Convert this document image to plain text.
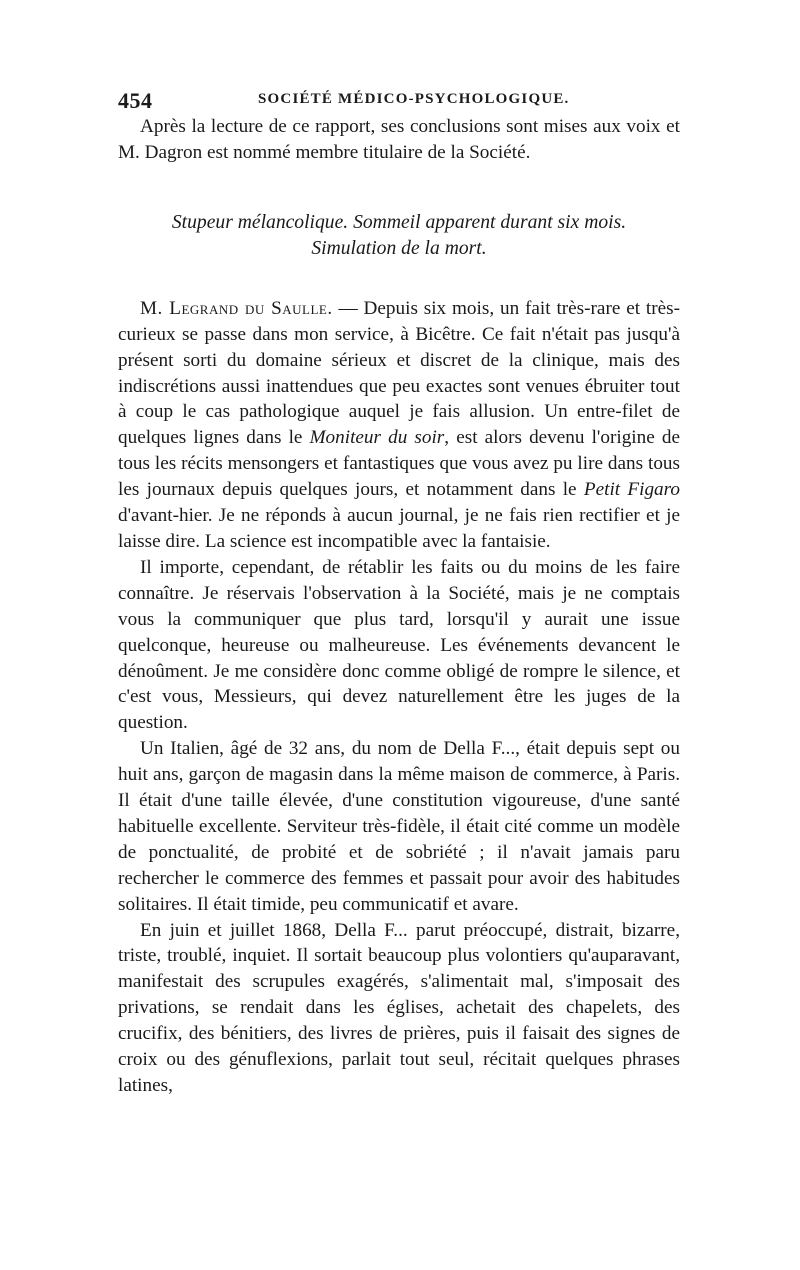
454	SOCIÉTÉ MÉDICO-PSYCHOLOGIQUE.

Après la lecture de ce rapport, ses conclusions sont mises aux voix et M. Dagron est nommé membre titulaire de la Société.

Stupeur mélancolique. Sommeil apparent durant six mois.
Simulation de la mort.

M. Legrand du Saulle. — Depuis six mois, un fait très-rare et très-curieux se passe dans mon service, à Bicêtre. Ce fait n'était pas jusqu'à présent sorti du domaine sérieux et discret de la clinique, mais des indiscrétions aussi inattendues que peu exactes sont venues ébruiter tout à coup le cas pathologique auquel je fais allusion. Un entre-filet de quelques lignes dans le Moniteur du soir, est alors devenu l'origine de tous les récits mensongers et fantastiques que vous avez pu lire dans tous les journaux depuis quelques jours, et notamment dans le Petit Figaro d'avant-hier. Je ne réponds à aucun journal, je ne fais rien rectifier et je laisse dire. La science est incompatible avec la fantaisie.

Il importe, cependant, de rétablir les faits ou du moins de les faire connaître. Je réservais l'observation à la Société, mais je ne comptais vous la communiquer que plus tard, lorsqu'il y aurait une issue quelconque, heureuse ou malheureuse. Les événements devancent le dénoûment. Je me considère donc comme obligé de rompre le silence, et c'est vous, Messieurs, qui devez naturellement être les juges de la question.

Un Italien, âgé de 32 ans, du nom de Della F..., était depuis sept ou huit ans, garçon de magasin dans la même maison de commerce, à Paris. Il était d'une taille élevée, d'une constitution vigoureuse, d'une santé habituelle excellente. Serviteur très-fidèle, il était cité comme un modèle de ponctualité, de probité et de sobriété ; il n'avait jamais paru rechercher le commerce des femmes et passait pour avoir des habitudes solitaires. Il était timide, peu communicatif et avare.

En juin et juillet 1868, Della F... parut préoccupé, distrait, bizarre, triste, troublé, inquiet. Il sortait beaucoup plus volontiers qu'auparavant, manifestait des scrupules exagérés, s'alimentait mal, s'imposait des privations, se rendait dans les églises, achetait des chapelets, des crucifix, des bénitiers, des livres de prières, puis il faisait des signes de croix ou des génuflexions, parlait tout seul, récitait quelques phrases latines,
